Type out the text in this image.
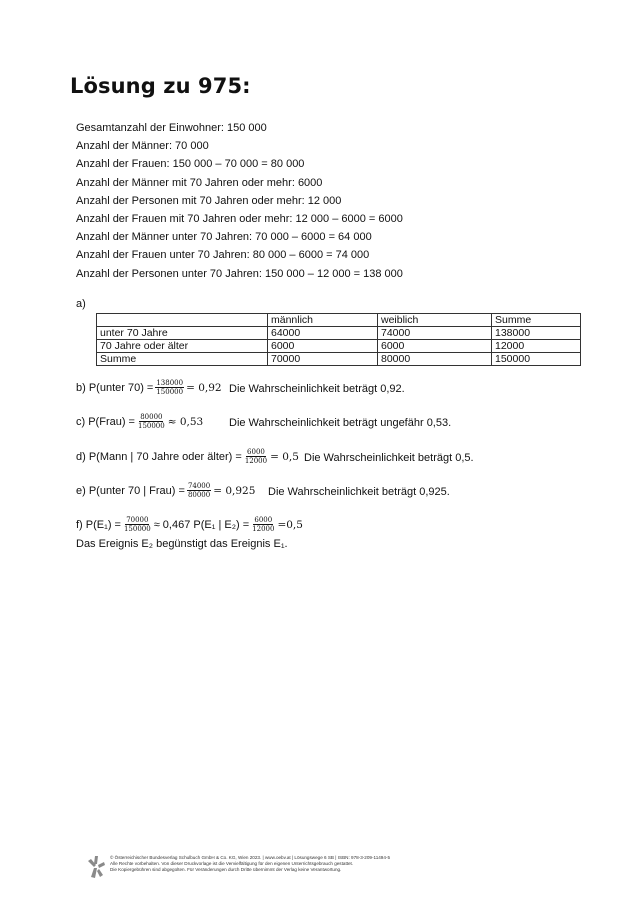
Lösung zu 975:
Gesamtanzahl der Einwohner: 150 000
Anzahl der Männer: 70 000
Anzahl der Frauen: 150 000 – 70 000 = 80 000
Anzahl der Männer mit 70 Jahren oder mehr: 6000
Anzahl der Personen mit 70 Jahren oder mehr: 12 000
Anzahl der Frauen mit 70 Jahren oder mehr: 12 000 – 6000 = 6000
Anzahl der Männer unter 70 Jahren: 70 000 – 6000 = 64 000
Anzahl der Frauen unter 70 Jahren: 80 000 – 6000 = 74 000
Anzahl der Personen unter 70 Jahren: 150 000 – 12 000 = 138 000
a)
	männlich	weiblich	Summe
unter 70 Jahre	64000	74000	138000
70 Jahre oder älter	6000	6000	12000
Summe	70000	80000	150000
b) P(unter $70) = \frac{138000}{150000} = 0,92$ Die Wahrscheinlichkeit beträgt 0,92.
c) P(Frau) = $\frac{80000}{150000} \approx 0,53$ Die Wahrscheinlichkeit beträgt ungefähr 0,53.
d) P(Mann | 70 Jahre oder älter) = $\frac{6000}{12000} = 0,5$ Die Wahrscheinlichkeit beträgt 0,5.
e) P(unter 70 | Frau) = $\frac{74000}{80000} = 0,925$ Die Wahrscheinlichkeit beträgt 0,925.
f) $P(E_1) = \frac{70000}{150000} \approx 0,467$ P(E₁ | $E_2) = \frac{6000}{12000} =0,5$
Das Ereignis E₂ begünstigt das Ereignis E₁.
© Österreichischer Bundesverlag Schulbuch GmbH & Co. KG, Wien 2023. | www.oebv.at | Lösungswege 6 SB | ISBN: 978-3-209-11494-5
Alle Rechte vorbehalten. Von dieser Druckvorlage ist die Vervielfältigung für den eigenen Unterrichtsgebrauch gestattet.
Die Kopiergebühren sind abgegolten. Für Veränderungen durch Dritte übernimmt der Verlag keine Verantwortung.
